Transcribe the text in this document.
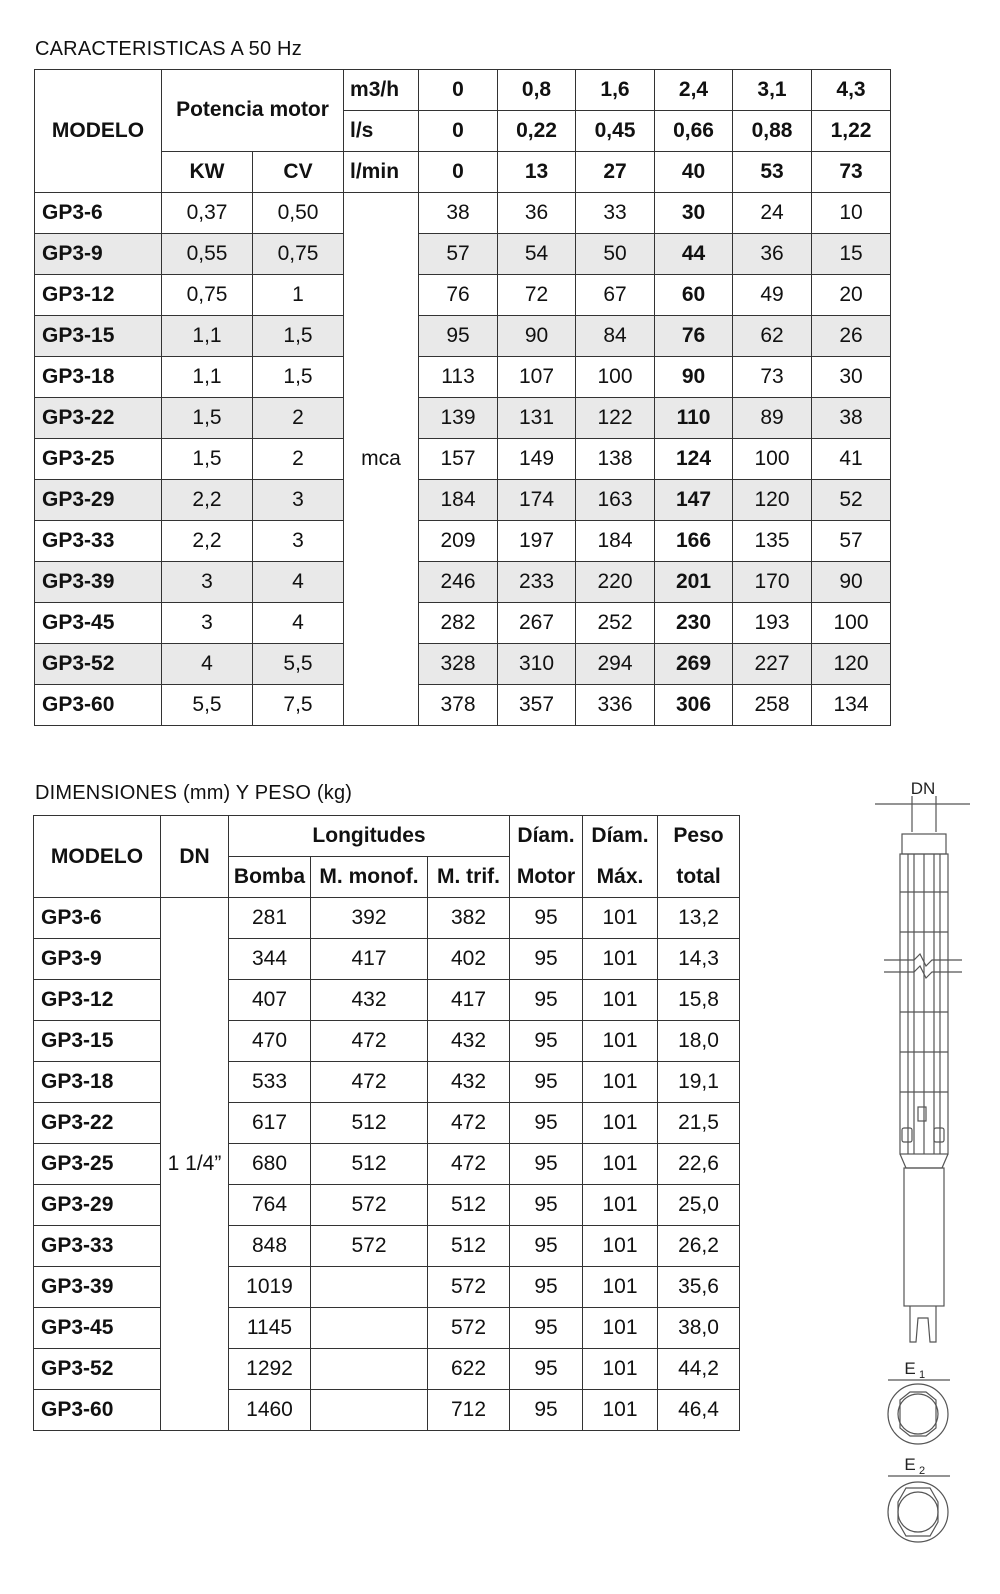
CARACTERISTICAS A 50 Hz
MODELO	Potencia motor		m3/h	0	0,8	1,6	2,4	3,1	4,3
			l/s	0	0,22	0,45	0,66	0,88	1,22
	KW	CV	l/min	0	13	27	40	53	73
GP3-6	0,37	0,50	mca	38	36	33	30	24	10
GP3-9	0,55	0,75		57	54	50	44	36	15
GP3-12	0,75	1		76	72	67	60	49	20
GP3-15	1,1	1,5		95	90	84	76	62	26
GP3-18	1,1	1,5		113	107	100	90	73	30
GP3-22	1,5	2		139	131	122	110	89	38
GP3-25	1,5	2		157	149	138	124	100	41
GP3-29	2,2	3		184	174	163	147	120	52
GP3-33	2,2	3		209	197	184	166	135	57
GP3-39	3	4		246	233	220	201	170	90
GP3-45	3	4		282	267	252	230	193	100
GP3-52	4	5,5		328	310	294	269	227	120
GP3-60	5,5	7,5		378	357	336	306	258	134
DIMENSIONES (mm) Y PESO (kg)
MODELO	DN	Longitudes			Díam.	Díam.	Peso
		Bomba	M. monof.	M. trif.	Motor	Máx.	total
GP3-6	1 1/4”	281	392	382	95	101	13,2
GP3-9		344	417	402	95	101	14,3
GP3-12		407	432	417	95	101	15,8
GP3-15		470	472	432	95	101	18,0
GP3-18		533	472	432	95	101	19,1
GP3-22		617	512	472	95	101	21,5
GP3-25		680	512	472	95	101	22,6
GP3-29		764	572	512	95	101	25,0
GP3-33		848	572	512	95	101	26,2
GP3-39		1019		572	95	101	35,6
GP3-45		1145		572	95	101	38,0
GP3-52		1292		622	95	101	44,2
GP3-60		1460		712	95	101	46,4
DN
E 1
E 2
